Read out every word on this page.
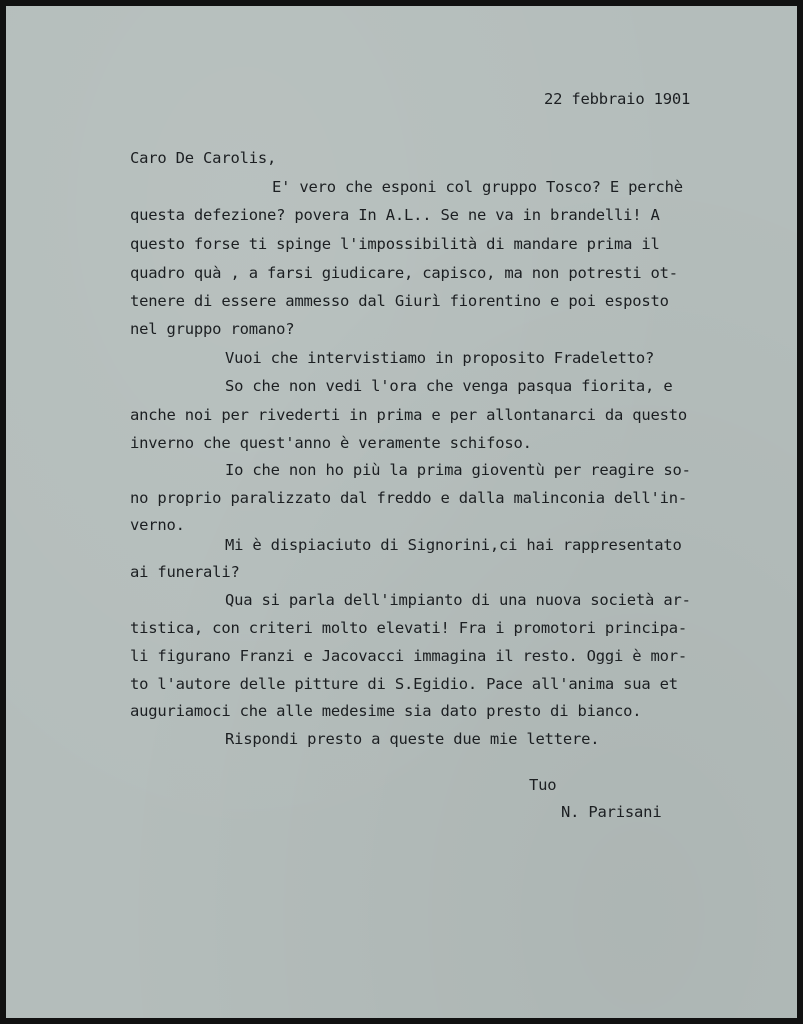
22 febbraio 1901
Caro De Carolis,

E' vero che esponi col gruppo Tosco? E perchè

questa defezione? povera In A.L.. Se ne va in brandelli! A

questo forse ti spinge l'impossibilità di mandare prima il

quadro quà , a farsi giudicare, capisco, ma non potresti ot-

tenere di essere ammesso dal Giurì fiorentino e poi esposto

nel gruppo romano?

Vuoi che intervistiamo in proposito Fradeletto?

So che non vedi l'ora che venga pasqua fiorita, e

anche noi per rivederti in prima e per allontanarci da questo

inverno che quest'anno è veramente schifoso.

Io che non ho più la prima gioventù per reagire so-

no proprio paralizzato dal freddo e dalla malinconia dell'in-

verno.

Mi è dispiaciuto di Signorini,ci hai rappresentato

ai funerali?

Qua si parla dell'impianto di una nuova società ar-

tistica, con criteri molto elevati! Fra i promotori principa-

li figurano Franzi e Jacovacci immagina il resto. Oggi è mor-

to l'autore delle pitture di S.Egidio. Pace all'anima sua et

auguriamoci che alle medesime sia dato presto di bianco.

Rispondi presto a queste due mie lettere.

Tuo
N. Parisani
